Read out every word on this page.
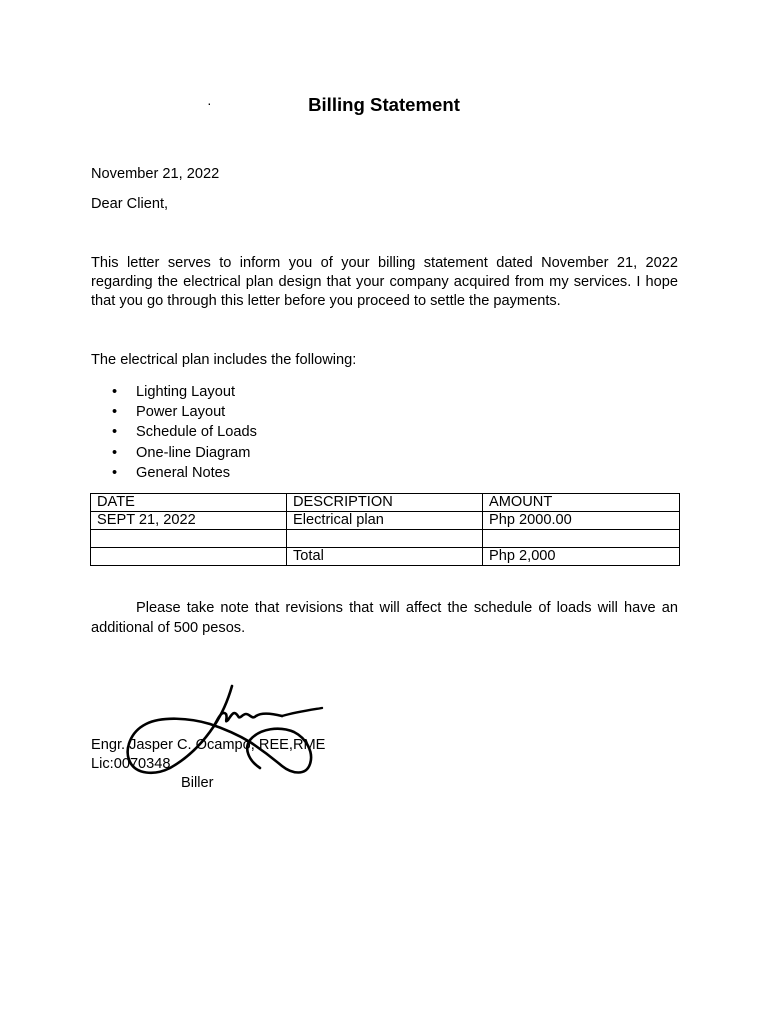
·	Billing Statement
November 21, 2022
Dear Client,
This letter serves to inform you of your billing statement dated November 21, 2022
regarding the electrical plan design that your company acquired from my services. I hope
that you go through this letter before you proceed to settle the payments.
The electrical plan includes the following:
• Lighting Layout
• Power Layout
• Schedule of Loads
• One-line Diagram
• General Notes
DATE	DESCRIPTION	AMOUNT
SEPT 21, 2022	Electrical plan	Php 2000.00

	Total	Php 2,000
Please take note that revisions that will affect the schedule of loads will have an
additional of 500 pesos.
Engr. Jasper C. Ocampo, REE,RME
Lic:0070348
Biller
